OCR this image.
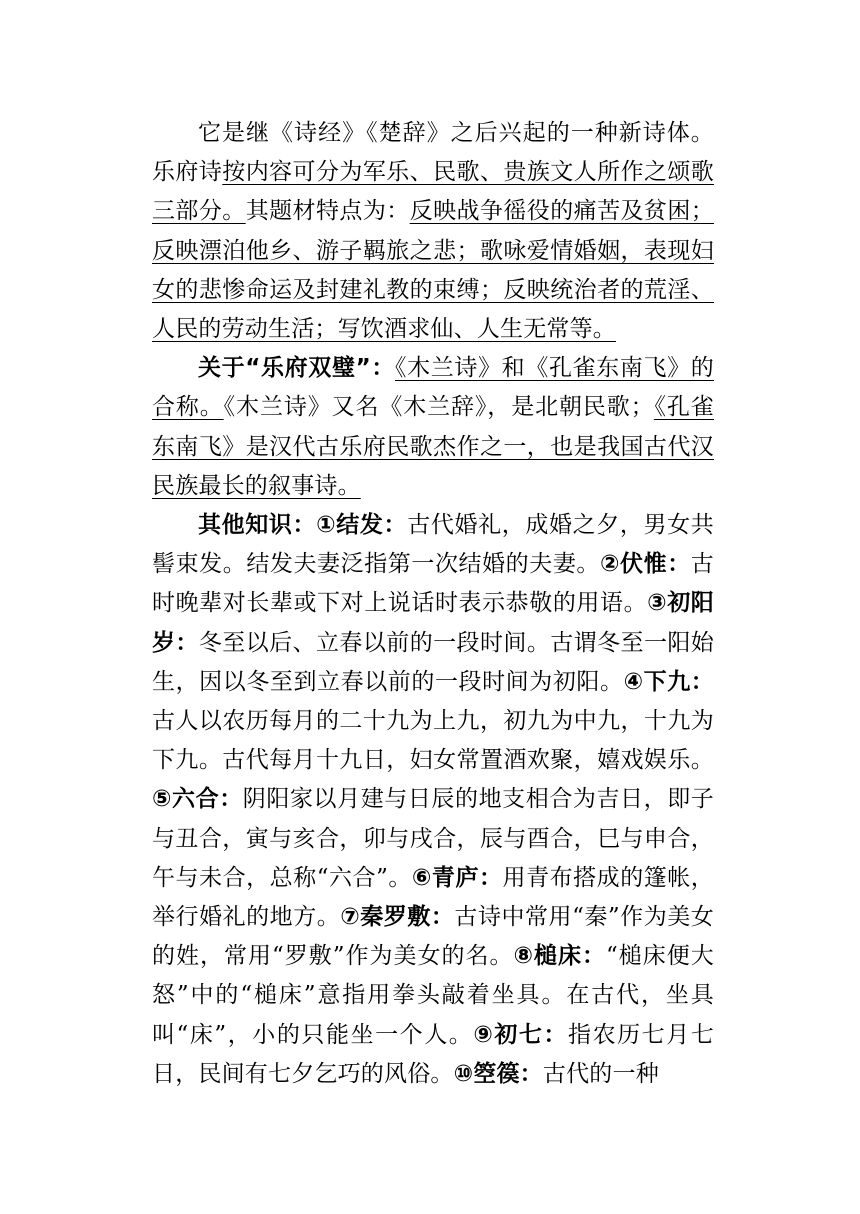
它是继《诗经》《楚辞》之后兴起的一种新诗体。乐府诗按内容可分为军乐、民歌、贵族文人所作之颂歌三部分。其题材特点为：反映战争徭役的痛苦及贫困；反映漂泊他乡、游子羁旅之悲；歌咏爱情婚姻，表现妇女的悲惨命运及封建礼教的束缚；反映统治者的荒淫、人民的劳动生活；写饮酒求仙、人生无常等。

关于“乐府双璧”：《木兰诗》和《孔雀东南飞》的合称。《木兰诗》又名《木兰辞》，是北朝民歌；《孔雀东南飞》是汉代古乐府民歌杰作之一，也是我国古代汉民族最长的叙事诗。

其他知识：①结发：古代婚礼，成婚之夕，男女共髻束发。结发夫妻泛指第一次结婚的夫妻。②伏惟：古时晚辈对长辈或下对上说话时表示恭敬的用语。③初阳岁：冬至以后、立春以前的一段时间。古谓冬至一阳始生，因以冬至到立春以前的一段时间为初阳。④下九：古人以农历每月的二十九为上九，初九为中九，十九为下九。古代每月十九日，妇女常置酒欢聚，嬉戏娱乐。⑤六合：阴阳家以月建与日辰的地支相合为吉日，即子与丑合，寅与亥合，卯与戌合，辰与酉合，巳与申合，午与未合，总称“六合”。⑥青庐：用青布搭成的篷帐，举行婚礼的地方。⑦秦罗敷：古诗中常用“秦”作为美女的姓，常用“罗敷”作为美女的名。⑧槌床：“槌床便大怒”中的“槌床”意指用拳头敲着坐具。在古代，坐具叫“床”，小的只能坐一个人。⑨初七：指农历七月七日，民间有七夕乞巧的风俗。⑩箜篌：古代的一种
